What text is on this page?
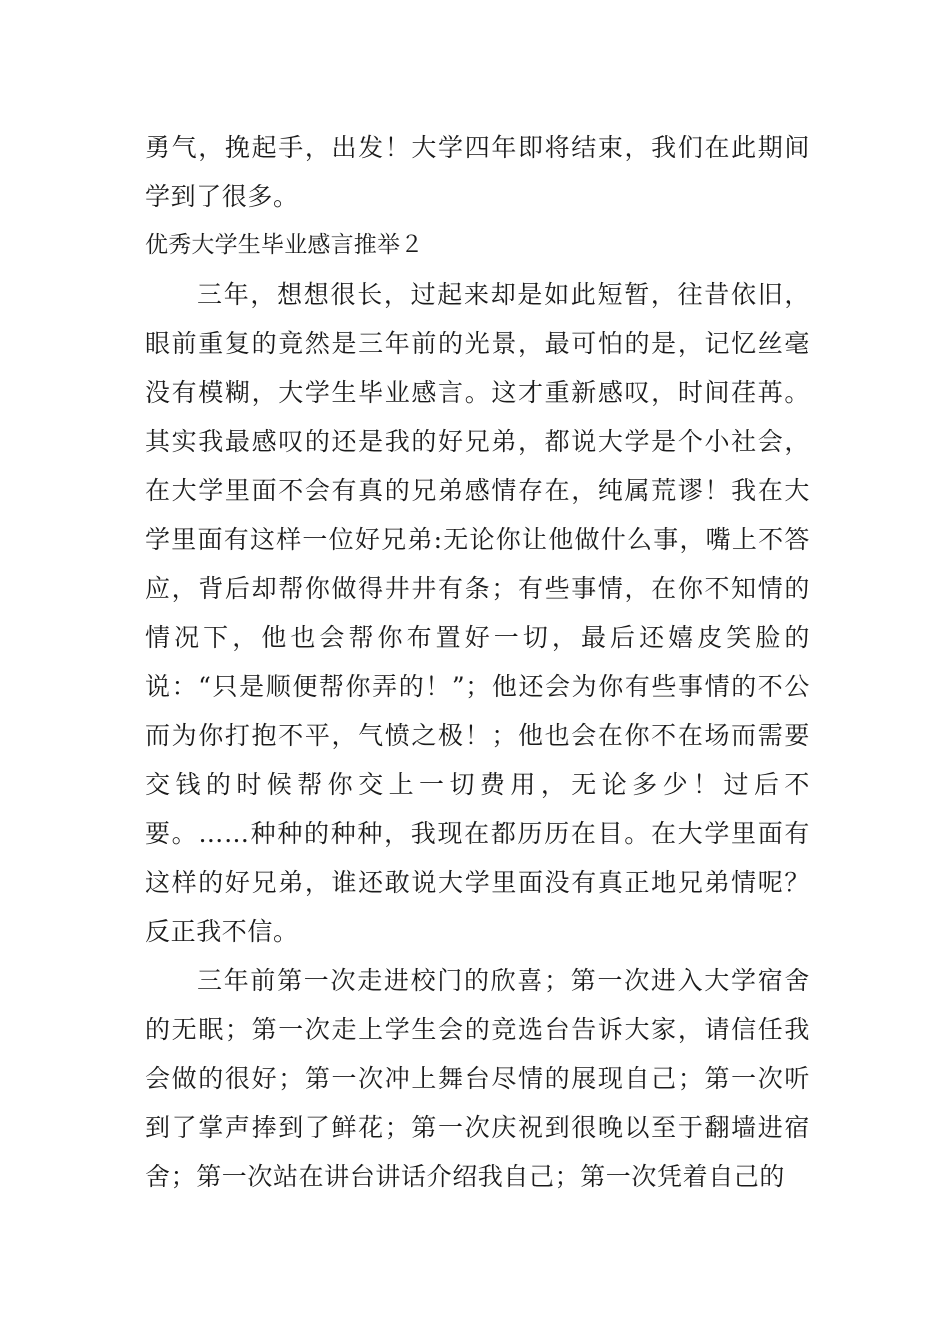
勇气，挽起手，出发！大学四年即将结束，我们在此期间学到了很多。

优秀大学生毕业感言推举２

三年，想想很长，过起来却是如此短暂，往昔依旧，眼前重复的竟然是三年前的光景，最可怕的是，记忆丝毫没有模糊，大学生毕业感言。这才重新感叹，时间荏苒。其实我最感叹的还是我的好兄弟，都说大学是个小社会，在大学里面不会有真的兄弟感情存在，纯属荒谬！我在大学里面有这样一位好兄弟:无论你让他做什么事，嘴上不答应，背后却帮你做得井井有条；有些事情，在你不知情的情况下，他也会帮你布置好一切，最后还嬉皮笑脸的说：“只是顺便帮你弄的！”；他还会为你有些事情的不公而为你打抱不平，气愤之极！；他也会在你不在场而需要交钱的时候帮你交上一切费用，无论多少！过后不要。……种种的种种，我现在都历历在目。在大学里面有这样的好兄弟，谁还敢说大学里面没有真正地兄弟情呢？反正我不信。

三年前第一次走进校门的欣喜；第一次进入大学宿舍的无眠；第一次走上学生会的竞选台告诉大家，请信任我会做的很好；第一次冲上舞台尽情的展现自己；第一次听到了掌声捧到了鲜花；第一次庆祝到很晚以至于翻墙进宿舍；第一次站在讲台讲话介绍我自己；第一次凭着自己的
